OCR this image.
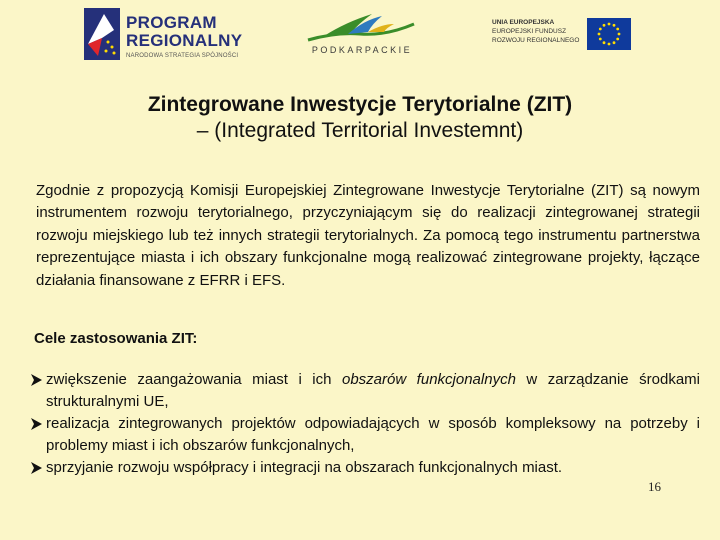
PROGRAM
REGIONALNY
NARODOWA STRATEGIA SPÓJNOŚCI
PODKARPACKIE
UNIA EUROPEJSKA
EUROPEJSKI FUNDUSZ
ROZWOJU REGIONALNEGO
Zintegrowane Inwestycje Terytorialne (ZIT)
– (Integrated Territorial Investemnt)

Zgodnie z propozycją Komisji Europejskiej Zintegrowane Inwestycje Terytorialne (ZIT) są nowym instrumentem rozwoju terytorialnego, przyczyniającym się do realizacji zintegrowanej strategii rozwoju miejskiego lub też innych strategii terytorialnych. Za pomocą tego instrumentu partnerstwa reprezentujące miasta i ich obszary funkcjonalne mogą realizować zintegrowane projekty, łączące działania finansowane z EFRR i EFS.

Cele zastosowania ZIT:
zwiększenie zaangażowania miast i ich obszarów funkcjonalnych w zarządzanie środkami strukturalnymi UE,
realizacja zintegrowanych projektów odpowiadających w sposób kompleksowy na potrzeby i problemy miast i ich obszarów funkcjonalnych,
sprzyjanie rozwoju współpracy i integracji na obszarach funkcjonalnych miast.
16
